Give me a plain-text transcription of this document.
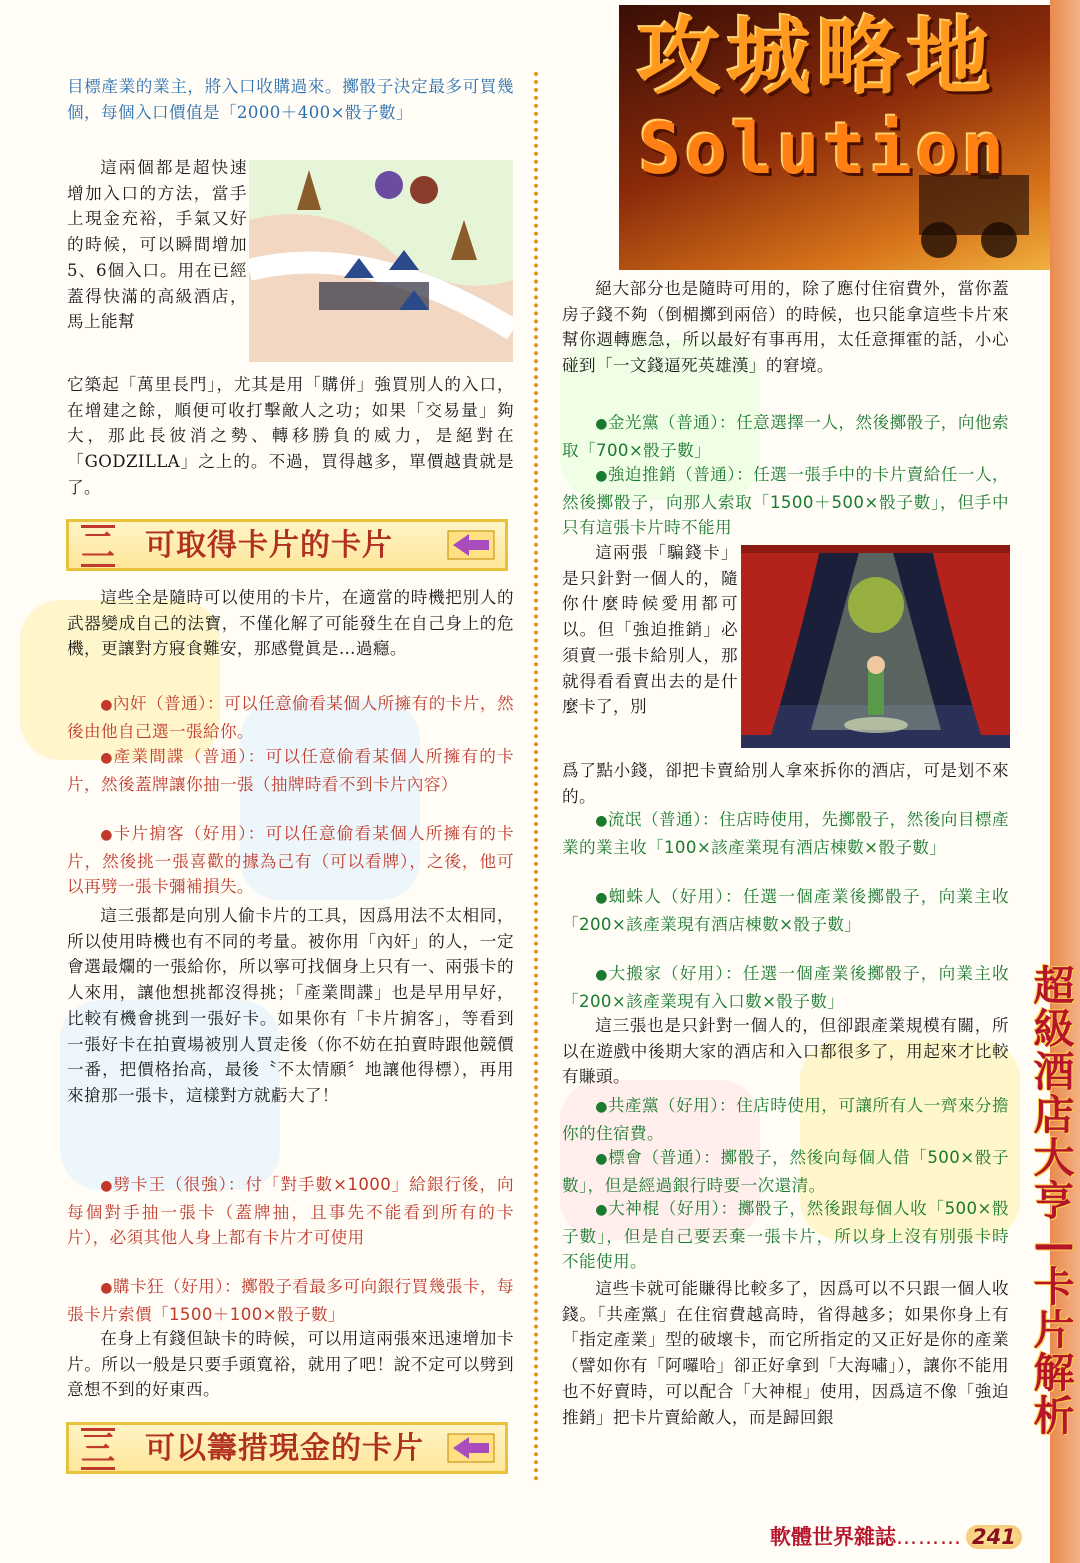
目標產業的業主，將入口收購過來。擲骰子決定最多可買幾個，每個入口價值是「2000＋400×骰子數」

這兩個都是超快速增加入口的方法，當手上現金充裕，手氣又好的時候，可以瞬間增加5、6個入口。用在已經蓋得快滿的高級酒店，馬上能幫

它築起「萬里長門」，尤其是用「購併」強買別人的入口，在增建之餘，順便可收打擊敵人之功；如果「交易量」夠大，那此長彼消之勢、轉移勝負的威力，是絕對在「GODZILLA」之上的。不過，買得越多，單價越貴就是了。

二 可取得卡片的卡片

這些全是隨時可以使用的卡片，在適當的時機把別人的武器變成自己的法寶，不僅化解了可能發生在自己身上的危機，更讓對方寢食難安，那感覺眞是…過癮。

●內奸（普通）：可以任意偷看某個人所擁有的卡片，然後由他自己選一張給你。

●產業間諜（普通）：可以任意偷看某個人所擁有的卡片，然後蓋牌讓你抽一張（抽牌時看不到卡片內容）

●卡片掮客（好用）：可以任意偷看某個人所擁有的卡片，然後挑一張喜歡的據為己有（可以看牌），之後，他可以再劈一張卡彌補損失。

這三張都是向別人偷卡片的工具，因爲用法不太相同，所以使用時機也有不同的考量。被你用「內奸」的人，一定會選最爛的一張給你，所以寧可找個身上只有一、兩張卡的人來用，讓他想挑都沒得挑；「產業間諜」也是早用早好，比較有機會挑到一張好卡。如果你有「卡片掮客」，等看到一張好卡在拍賣場被別人買走後（你不妨在拍賣時跟他競價一番，把價格抬高，最後〝不太情願〞地讓他得標），再用來搶那一張卡，這樣對方就虧大了！

●劈卡王（很強）：付「對手數×1000」給銀行後，向每個對手抽一張卡（蓋牌抽，且事先不能看到所有的卡片），必須其他人身上都有卡片才可使用

●購卡狂（好用）：擲骰子看最多可向銀行買幾張卡，每張卡片索價「1500＋100×骰子數」

在身上有錢但缺卡的時候，可以用這兩張來迅速增加卡片。所以一般是只要手頭寬裕，就用了吧！說不定可以劈到意想不到的好東西。

三 可以籌措現金的卡片
攻城略地
Solution

絕大部分也是隨時可用的，除了應付住宿費外，當你蓋房子錢不夠（倒楣擲到兩倍）的時候，也只能拿這些卡片來幫你週轉應急，所以最好有事再用，太任意揮霍的話，小心碰到「一文錢逼死英雄漢」的窘境。

●金光黨（普通）：任意選擇一人，然後擲骰子，向他索取「700×骰子數」

●強迫推銷（普通）：任選一張手中的卡片賣給任一人，然後擲骰子，向那人索取「1500＋500×骰子數」，但手中只有這張卡片時不能用

這兩張「騙錢卡」是只針對一個人的，隨你什麼時候愛用都可以。但「強迫推銷」必須賣一張卡給別人，那就得看看賣出去的是什麼卡了，別

爲了點小錢，卻把卡賣給別人拿來拆你的酒店，可是划不來的。

●流氓（普通）：住店時使用，先擲骰子，然後向目標產業的業主收「100×該產業現有酒店棟數×骰子數」

●蜘蛛人（好用）：任選一個產業後擲骰子，向業主收「200×該產業現有酒店棟數×骰子數」

●大搬家（好用）：任選一個產業後擲骰子，向業主收「200×該產業現有入口數×骰子數」

這三張也是只針對一個人的，但卻跟產業規模有關，所以在遊戲中後期大家的酒店和入口都很多了，用起來才比較有賺頭。

●共產黨（好用）：住店時使用，可讓所有人一齊來分擔你的住宿費。

●標會（普通）：擲骰子，然後向每個人借「500×骰子數」，但是經過銀行時要一次還清。

●大神棍（好用）：擲骰子，然後跟每個人收「500×骰子數」，但是自己要丟棄一張卡片，所以身上沒有別張卡時不能使用。

這些卡就可能賺得比較多了，因爲可以不只跟一個人收錢。「共產黨」在住宿費越高時，省得越多；如果你身上有「指定產業」型的破壞卡，而它所指定的又正好是你的產業（譬如你有「阿囉哈」卻正好拿到「大海嘯」），讓你不能用也不好賣時，可以配合「大神棍」使用，因爲這不像「強迫推銷」把卡片賣給敵人，而是歸回銀

超級酒店大亨—卡片解析
軟體世界雜誌……… 241
